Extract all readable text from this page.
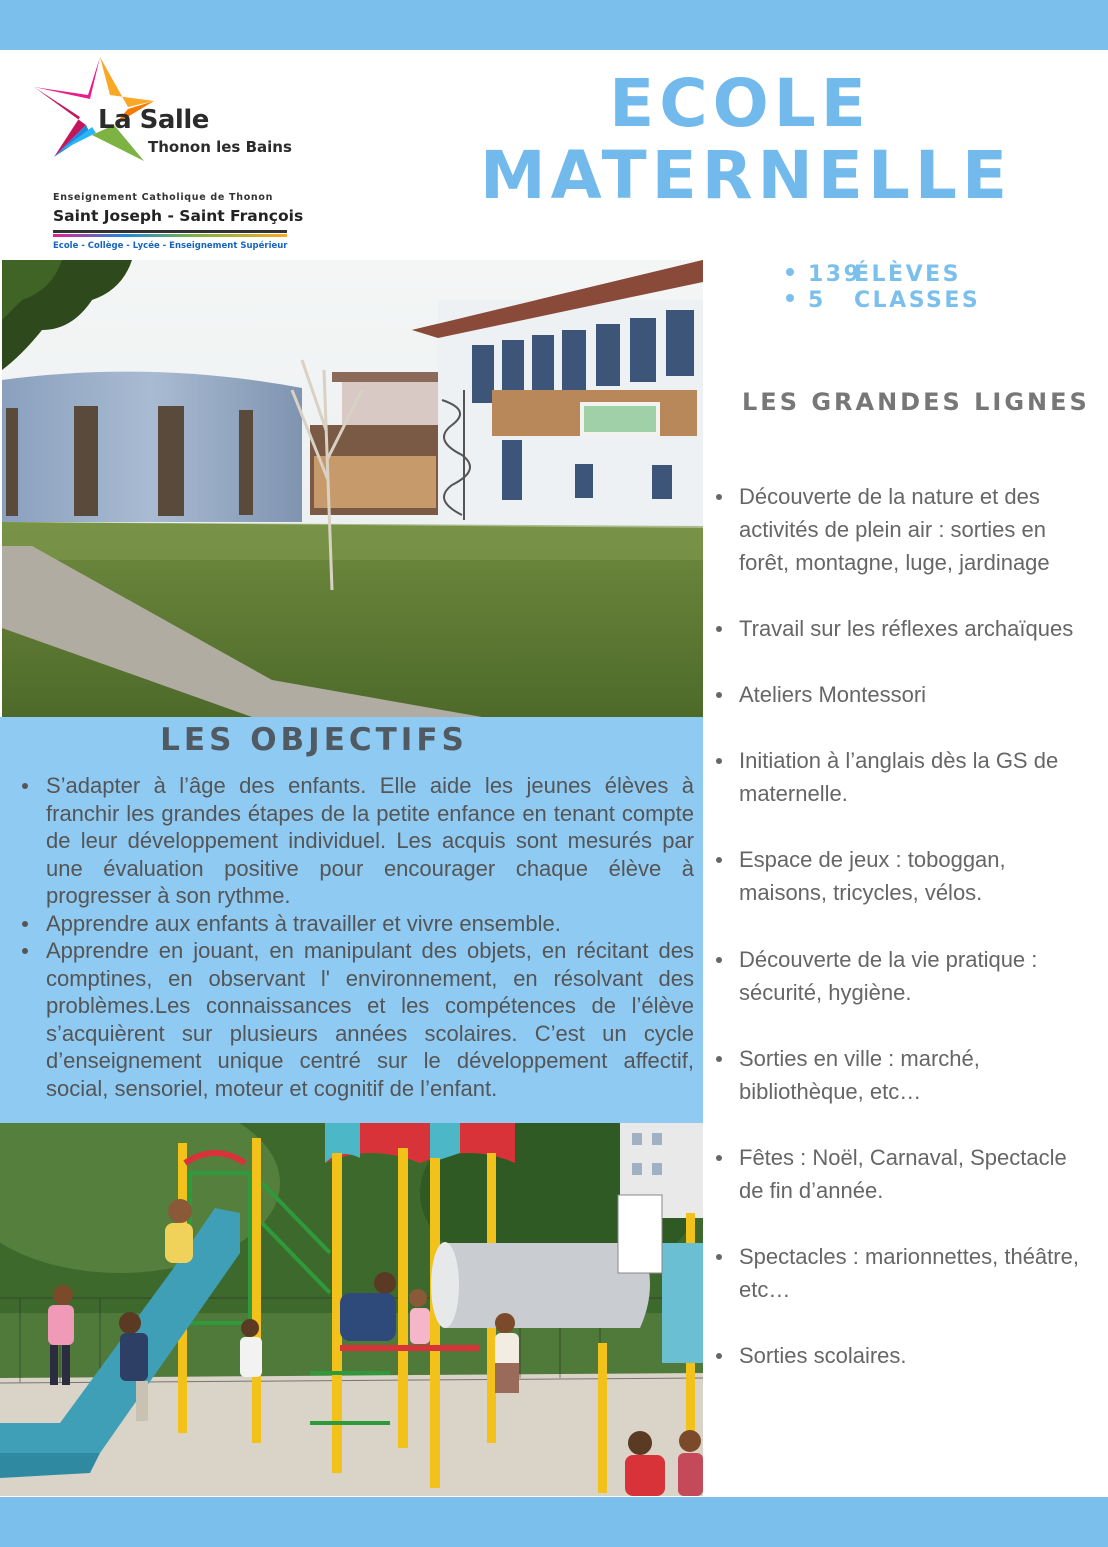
La Salle
Thonon les Bains
Enseignement Catholique de Thonon
Saint Joseph - Saint François
Ecole - Collège - Lycée - Enseignement Supérieur
ECOLE
MATERNELLE
139ÉLÈVES
5 CLASSES
LES OBJECTIFS
S’adapter à l’âge des enfants. Elle aide les jeunes élèves à franchir les grandes étapes de la petite enfance en tenant compte de leur développement individuel. Les acquis sont mesurés par une évaluation positive pour encourager chaque élève à progresser à son rythme.
Apprendre aux enfants à travailler et vivre ensemble.
Apprendre en jouant, en manipulant des objets, en récitant des comptines, en observant l' environnement, en résolvant des problèmes.Les connaissances et les compétences de l’élève s’acquièrent sur plusieurs années scolaires. C’est un cycle d’enseignement unique centré sur le développement affectif, social, sensoriel, moteur et cognitif de l’enfant.
LES GRANDES LIGNES
Découverte de la nature et des activités de plein air : sorties en forêt, montagne, luge, jardinage
Travail sur les réflexes archaïques
Ateliers Montessori
Initiation à l’anglais dès la GS de maternelle.
Espace de jeux : toboggan, maisons, tricycles, vélos.
Découverte de la vie pratique : sécurité, hygiène.
Sorties en ville : marché, bibliothèque, etc…
Fêtes : Noël, Carnaval, Spectacle de fin d’année.
Spectacles : marionnettes, théâtre, etc…
Sorties scolaires.
